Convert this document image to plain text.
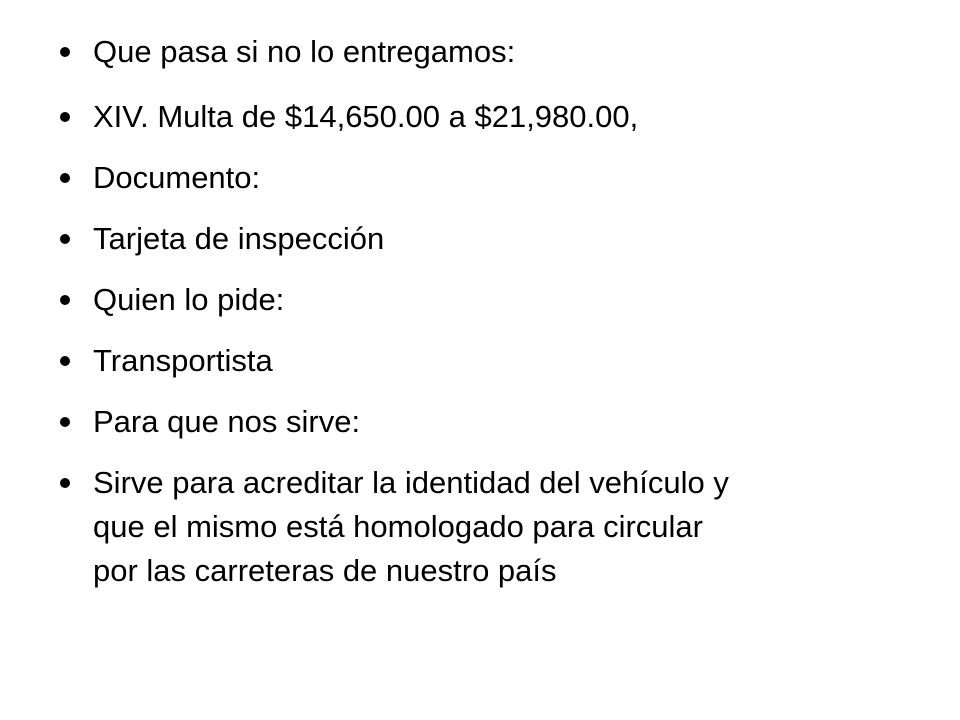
Que pasa si no lo entregamos:
XIV. Multa de $14,650.00 a $21,980.00,
Documento:
Tarjeta de inspección
Quien lo pide:
Transportista
Para que nos sirve:
Sirve para acreditar la identidad del vehículo y
que el mismo está homologado para circular
por las carreteras de nuestro país
